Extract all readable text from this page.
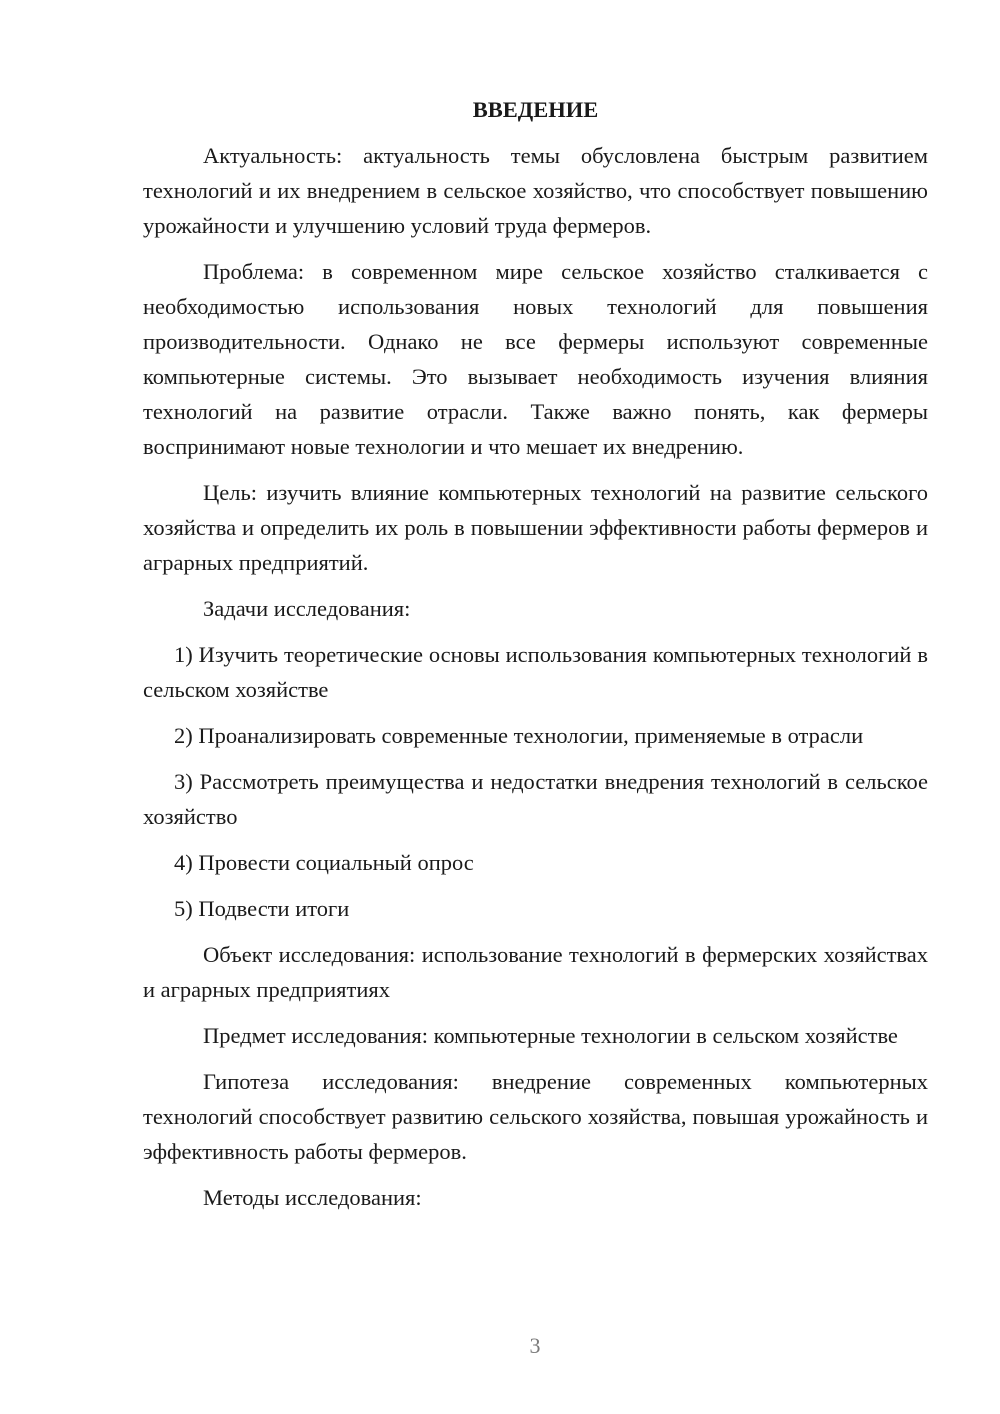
ВВЕДЕНИЕ

Актуальность: актуальность темы обусловлена быстрым развитием технологий и их внедрением в сельское хозяйство, что способствует повышению урожайности и улучшению условий труда фермеров.

Проблема: в современном мире сельское хозяйство сталкивается с необходимостью использования новых технологий для повышения производительности. Однако не все фермеры используют современные компьютерные системы. Это вызывает необходимость изучения влияния технологий на развитие отрасли. Также важно понять, как фермеры воспринимают новые технологии и что мешает их внедрению.

Цель: изучить влияние компьютерных технологий на развитие сельского хозяйства и определить их роль в повышении эффективности работы фермеров и аграрных предприятий.

Задачи исследования:

1) Изучить теоретические основы использования компьютерных технологий в сельском хозяйстве

2) Проанализировать современные технологии, применяемые в отрасли

3) Рассмотреть преимущества и недостатки внедрения технологий в сельское хозяйство

4) Провести социальный опрос

5) Подвести итоги

Объект исследования: использование технологий в фермерских хозяйствах и аграрных предприятиях

Предмет исследования: компьютерные технологии в сельском хозяйстве

Гипотеза исследования: внедрение современных компьютерных технологий способствует развитию сельского хозяйства, повышая урожайность и эффективность работы фермеров.

Методы исследования:

3
